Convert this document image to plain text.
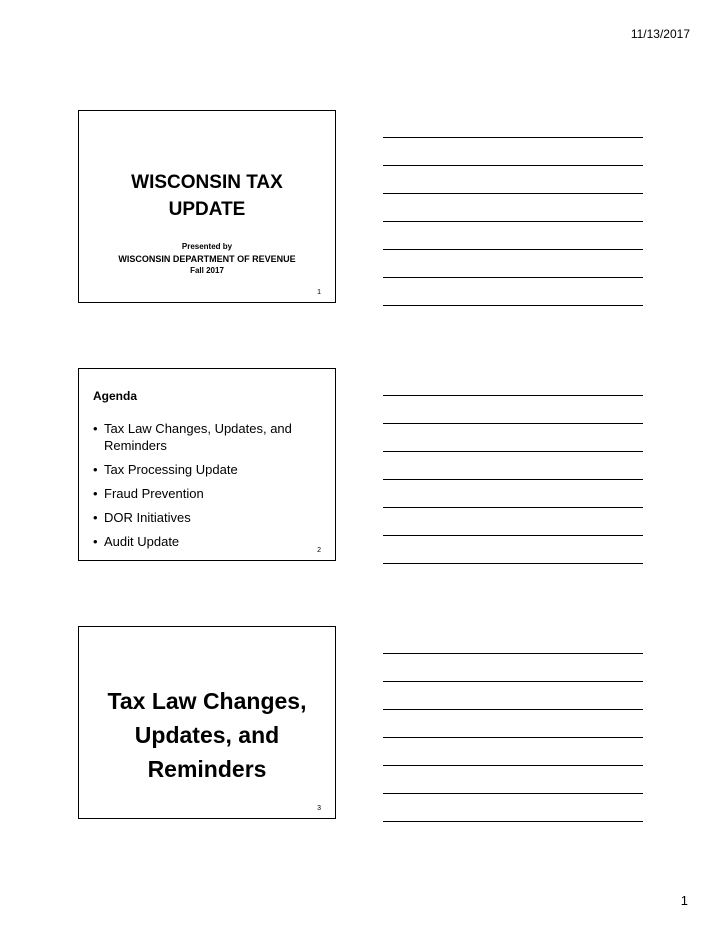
11/13/2017
WISCONSIN TAX
UPDATE
Presented by
WISCONSIN DEPARTMENT OF REVENUE
Fall 2017
1
Agenda
• Tax Law Changes, Updates, and Reminders
• Tax Processing Update
• Fraud Prevention
• DOR Initiatives
• Audit Update
2
Tax Law Changes,
Updates, and
Reminders
3
1
